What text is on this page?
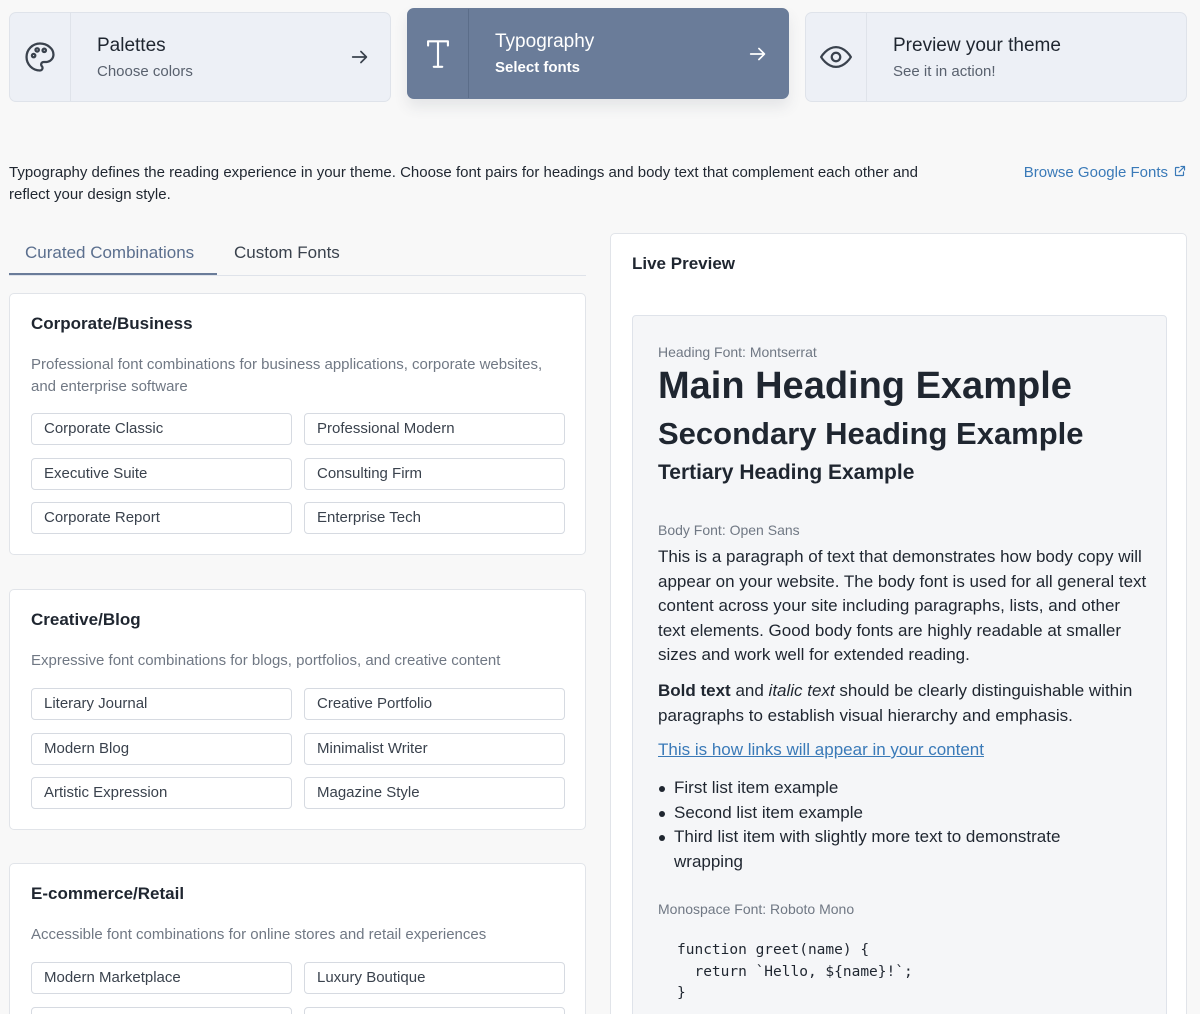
Palettes
Choose colors
Typography
Select fonts
Preview your theme
See it in action!
Typography defines the reading experience in your theme. Choose font pairs for headings and body text that complement each other and reflect your design style.
Browse Google Fonts
Curated Combinations	Custom Fonts
Corporate/Business

Professional font combinations for business applications, corporate websites, and enterprise software

Corporate Classic	Professional Modern
Executive Suite	Consulting Firm
Corporate Report	Enterprise Tech
Creative/Blog

Expressive font combinations for blogs, portfolios, and creative content

Literary Journal	Creative Portfolio
Modern Blog	Minimalist Writer
Artistic Expression	Magazine Style
E-commerce/Retail

Accessible font combinations for online stores and retail experiences

Modern Marketplace	Luxury Boutique
Live Preview
Heading Font: Montserrat
Main Heading Example
Secondary Heading Example
Tertiary Heading Example
Body Font: Open Sans
This is a paragraph of text that demonstrates how body copy will appear on your website. The body font is used for all general text content across your site including paragraphs, lists, and other text elements. Good body fonts are highly readable at smaller sizes and work well for extended reading.
Bold text and italic text should be clearly distinguishable within paragraphs to establish visual hierarchy and emphasis.
This is how links will appear in your content
First list item example
Second list item example
Third list item with slightly more text to demonstrate wrapping
Monospace Font: Roboto Mono
function greet(name) {
return `Hello, ${name}!`;
}
